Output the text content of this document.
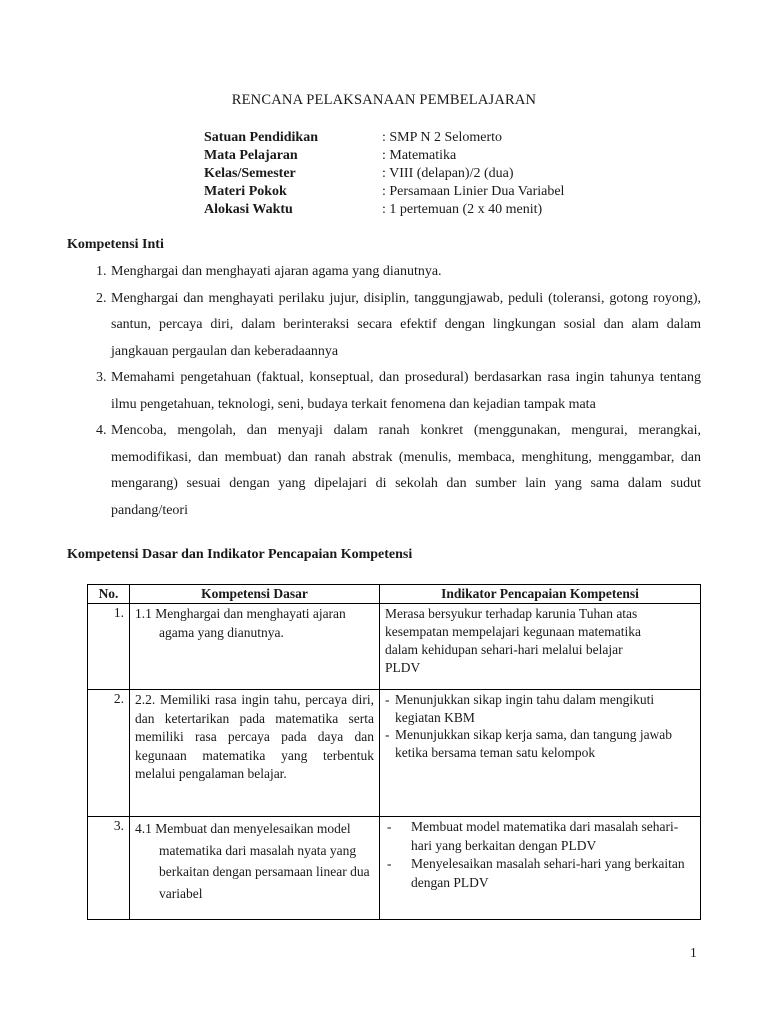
RENCANA PELAKSANAAN PEMBELAJARAN
Satuan Pendidikan	: SMP N 2 Selomerto
Mata Pelajaran	: Matematika
Kelas/Semester	: VIII (delapan)/2 (dua)
Materi Pokok	: Persamaan Linier Dua Variabel
Alokasi Waktu	: 1 pertemuan (2 x 40 menit)
Kompetensi Inti
1. Menghargai dan menghayati ajaran agama yang dianutnya.
2. Menghargai dan menghayati perilaku jujur, disiplin, tanggungjawab, peduli (toleransi, gotong royong), santun, percaya diri, dalam berinteraksi secara efektif dengan lingkungan sosial dan alam dalam jangkauan pergaulan dan keberadaannya
3. Memahami pengetahuan (faktual, konseptual, dan prosedural) berdasarkan rasa ingin tahunya tentang ilmu pengetahuan, teknologi, seni, budaya terkait fenomena dan kejadian tampak mata
4. Mencoba, mengolah, dan menyaji dalam ranah konkret (menggunakan, mengurai, merangkai, memodifikasi, dan membuat) dan ranah abstrak (menulis, membaca, menghitung, menggambar, dan mengarang) sesuai dengan yang dipelajari di sekolah dan sumber lain yang sama dalam sudut pandang/teori
Kompetensi Dasar dan Indikator Pencapaian Kompetensi
No.	Kompetensi Dasar	Indikator Pencapaian Kompetensi
1.	1.1 Menghargai dan menghayati ajaran agama yang dianutnya.	Merasa bersyukur terhadap karunia Tuhan atas
kesempatan mempelajari kegunaan matematika
dalam kehidupan sehari-hari melalui belajar
PLDV

2.	2.2. Memiliki rasa ingin tahu, percaya diri, dan ketertarikan pada matematika serta memiliki rasa percaya pada daya dan kegunaan matematika yang terbentuk melalui pengalaman belajar.	- Menunjukkan sikap ingin tahu dalam mengikuti kegiatan KBM
- Menunjukkan sikap kerja sama, dan tangung jawab ketika bersama teman satu kelompok

3.	4.1 Membuat dan menyelesaikan model matematika dari masalah nyata yang berkaitan dengan persamaan linear dua variabel	- Membuat model matematika dari masalah sehari-hari yang berkaitan dengan PLDV
- Menyelesaikan masalah sehari-hari yang berkaitan dengan PLDV
1
